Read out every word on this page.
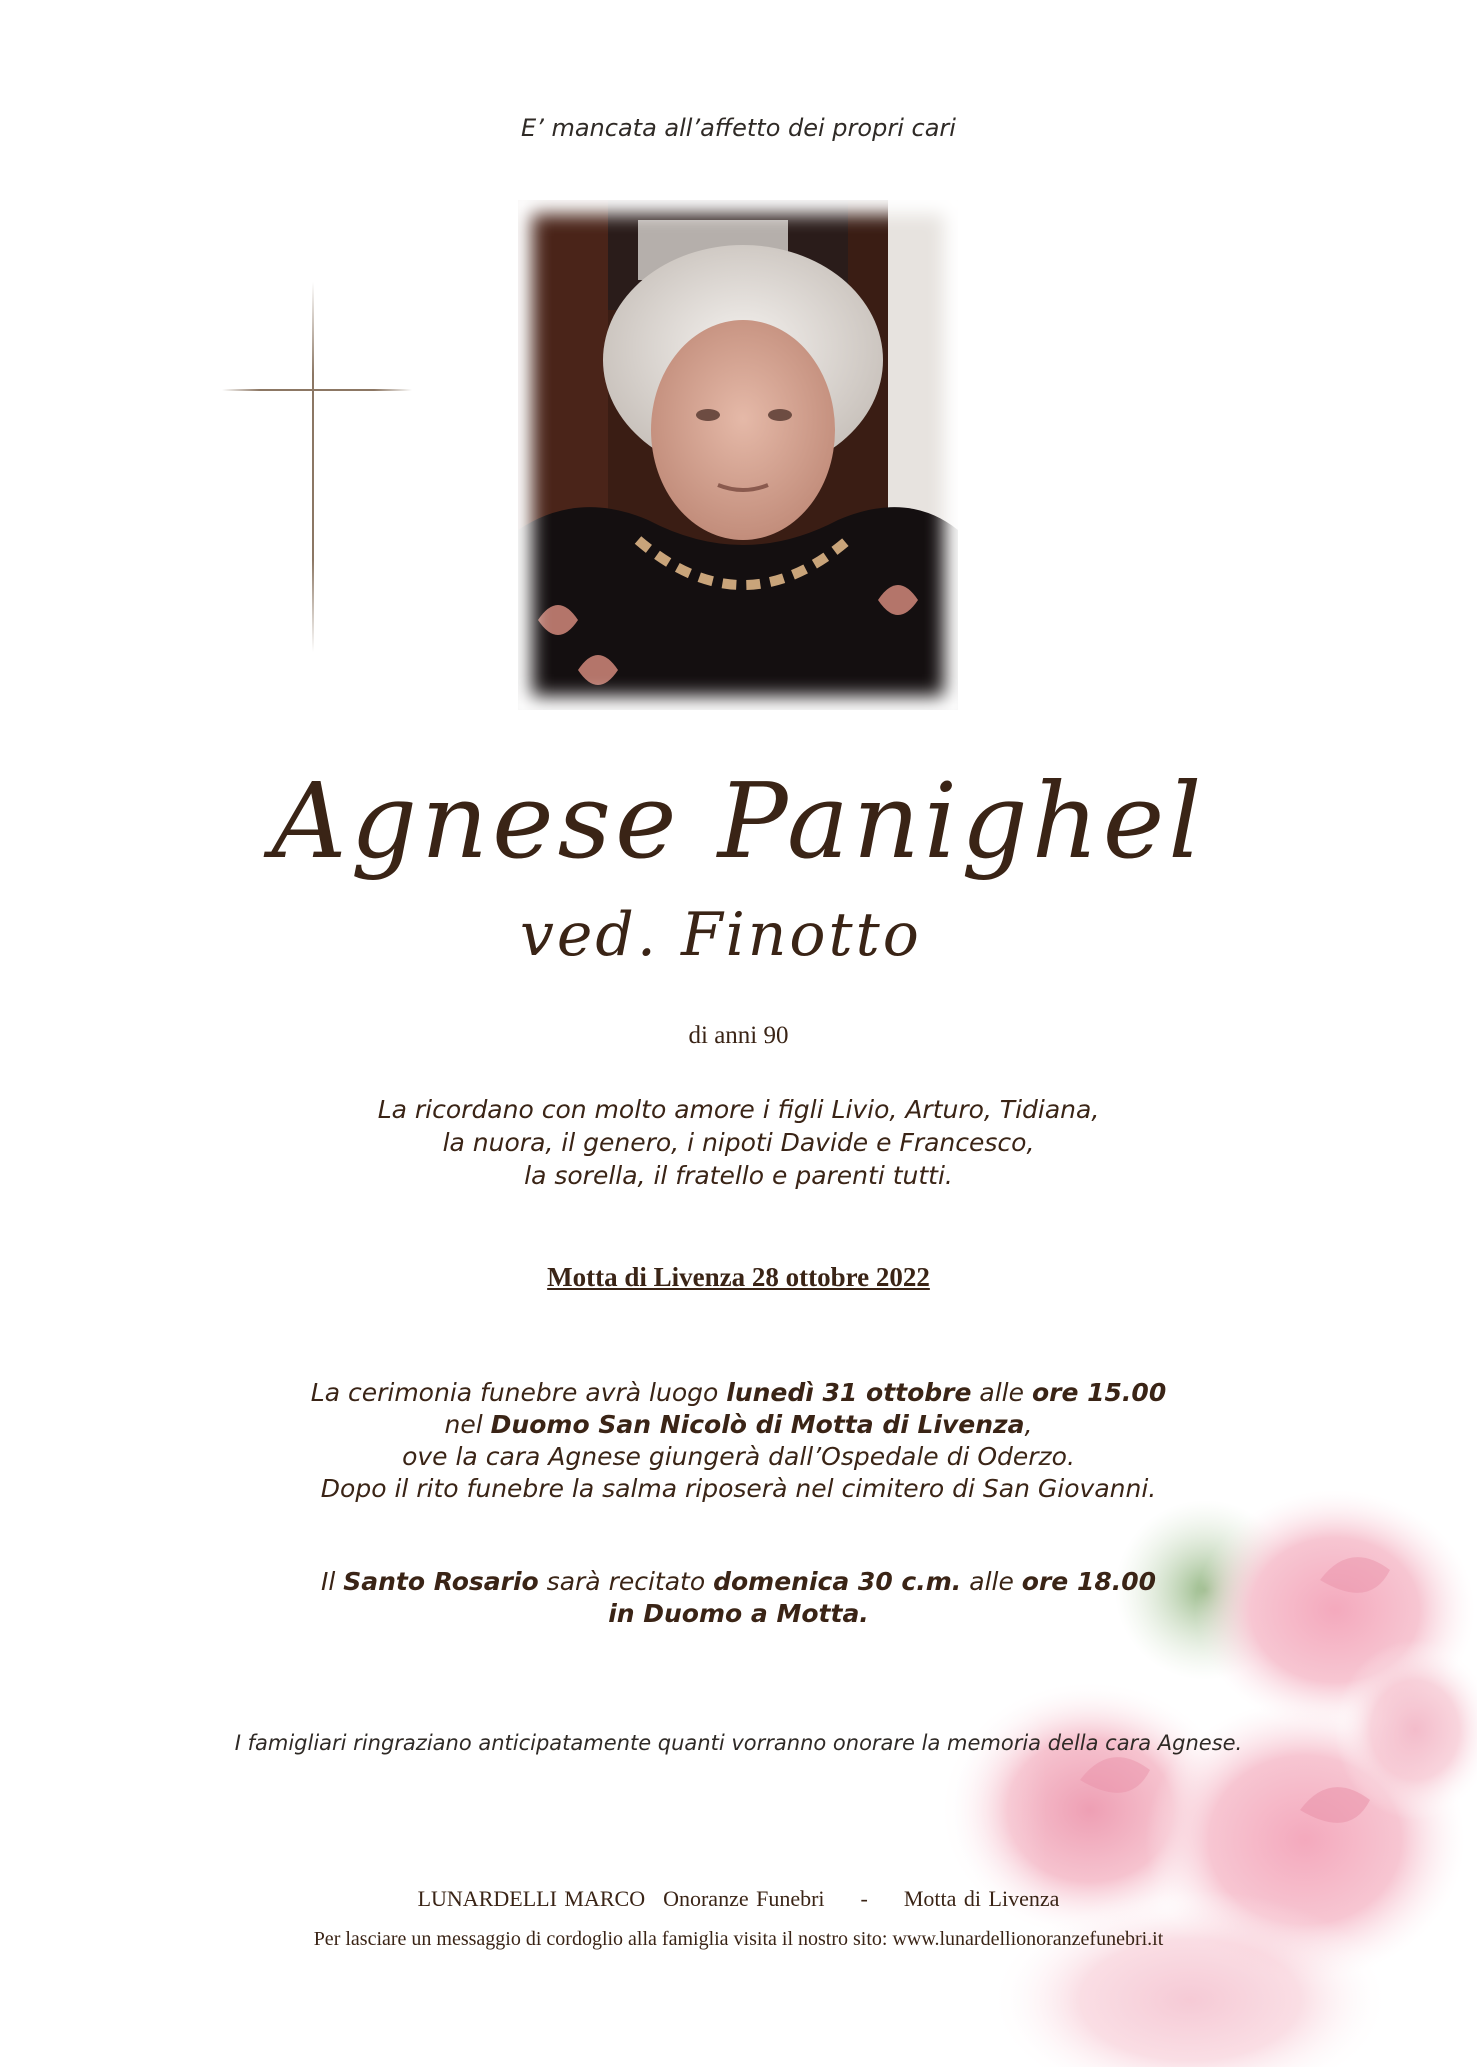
E’ mancata all’affetto dei propri cari
Agnese Panighel
ved. Finotto
di anni 90
La ricordano con molto amore i figli Livio, Arturo, Tidiana,
la nuora, il genero, i nipoti Davide e Francesco,
la sorella, il fratello e parenti tutti.
Motta di Livenza 28 ottobre 2022
La cerimonia funebre avrà luogo lunedì 31 ottobre alle ore 15.00
nel Duomo San Nicolò di Motta di Livenza,
ove la cara Agnese giungerà dall’Ospedale di Oderzo.
Dopo il rito funebre la salma riposerà nel cimitero di San Giovanni.
Il Santo Rosario sarà recitato domenica 30 c.m. alle ore 18.00
in Duomo a Motta.
I famigliari ringraziano anticipatamente quanti vorranno onorare la memoria della cara Agnese.
LUNARDELLI MARCO Onoranze Funebri - Motta di Livenza
Per lasciare un messaggio di cordoglio alla famiglia visita il nostro sito: www.lunardellionoranzefunebri.it
